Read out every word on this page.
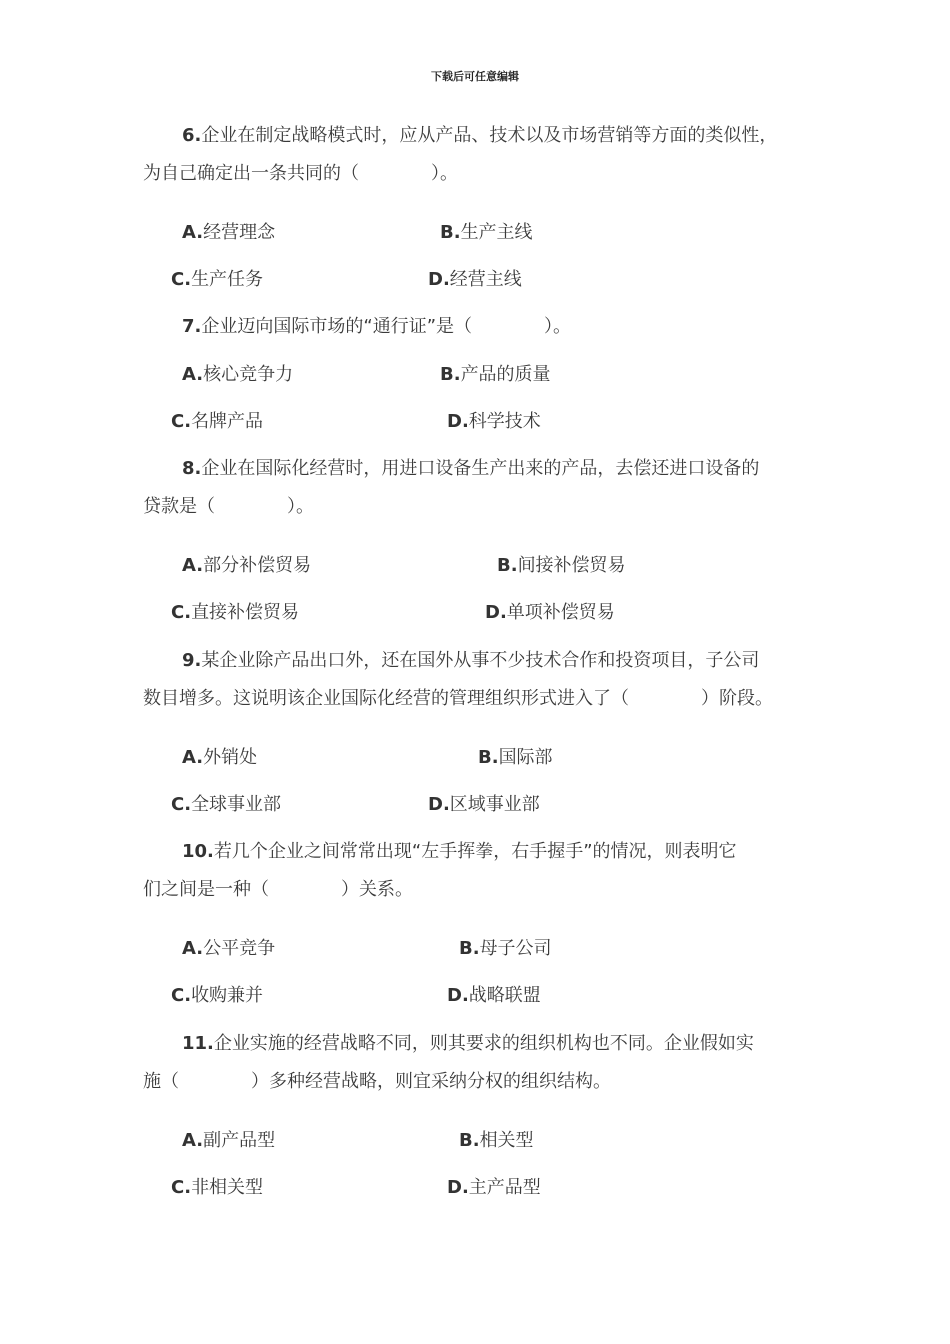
下载后可任意编辑
6.企业在制定战略模式时，应从产品、技术以及市场营销等方面的类似性，
为自己确定出一条共同的（　　　　）。
A.经营理念	B.生产主线
C.生产任务	D.经营主线
7.企业迈向国际市场的“通行证”是（　　　　）。
A.核心竞争力	B.产品的质量
C.名牌产品	D.科学技术
8.企业在国际化经营时，用进口设备生产出来的产品，去偿还进口设备的
贷款是（　　　　）。
A.部分补偿贸易	B.间接补偿贸易
C.直接补偿贸易	D.单项补偿贸易
9.某企业除产品出口外，还在国外从事不少技术合作和投资项目，子公司
数目增多。这说明该企业国际化经营的管理组织形式进入了（　　　　）阶段。
A.外销处	B.国际部
C.全球事业部	D.区域事业部
10.若几个企业之间常常出现“左手挥拳，右手握手”的情况，则表明它
们之间是一种（　　　　）关系。
A.公平竞争	B.母子公司
C.收购兼并	D.战略联盟
11.企业实施的经营战略不同，则其要求的组织机构也不同。企业假如实
施（　　　　）多种经营战略，则宜采纳分权的组织结构。
A.副产品型	B.相关型
C.非相关型	D.主产品型
